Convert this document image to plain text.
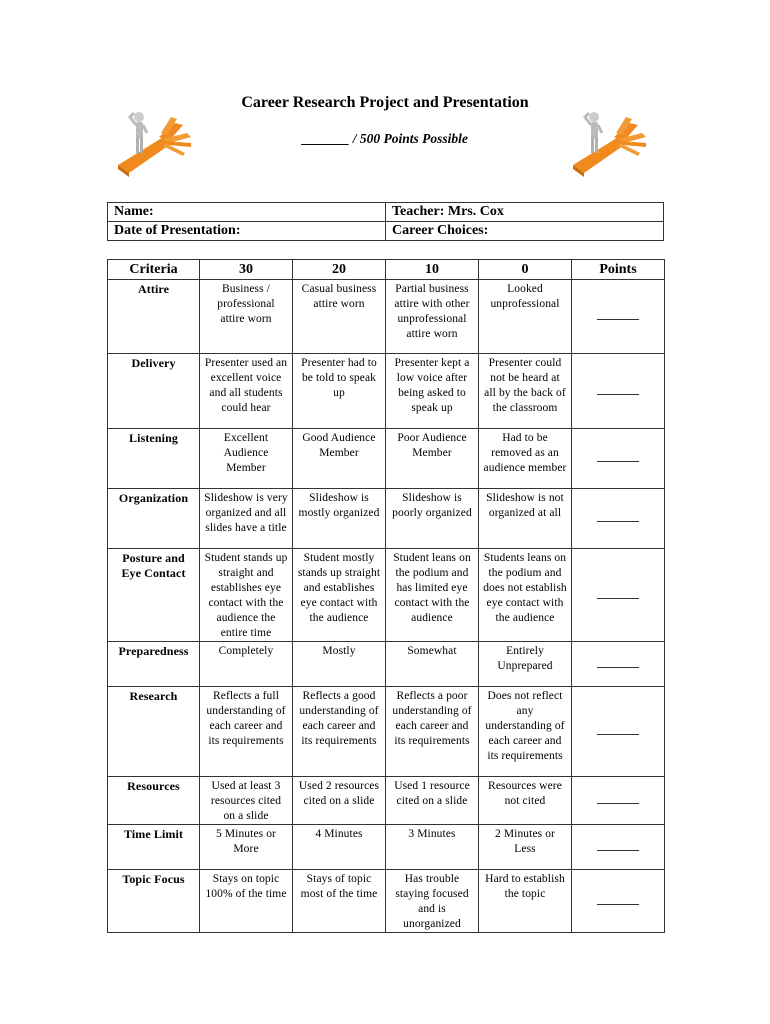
Career Research Project and Presentation
_______ / 500 Points Possible
Name:	Teacher: Mrs. Cox
Date of Presentation:	Career Choices:
Criteria	30	20	10	0	Points
Attire	Business / professional attire worn	Casual business attire worn	Partial business attire with other unprofessional attire worn	Looked unprofessional	
Delivery	Presenter used an excellent voice and all students could hear	Presenter had to be told to speak up	Presenter kept a low voice after being asked to speak up	Presenter could not be heard at all by the back of the classroom	
Listening	Excellent Audience Member	Good Audience Member	Poor Audience Member	Had to be removed as an audience member	
Organization	Slideshow is very organized and all slides have a title	Slideshow is mostly organized	Slideshow is poorly organized	Slideshow is not organized at all	
Posture and Eye Contact	Student stands up straight and establishes eye contact with the audience the entire time	Student mostly stands up straight and establishes eye contact with the audience	Student leans on the podium and has limited eye contact with the audience	Students leans on the podium and does not establish eye contact with the audience	
Preparedness	Completely	Mostly	Somewhat	Entirely Unprepared	
Research	Reflects a full understanding of each career and its requirements	Reflects a good understanding of each career and its requirements	Reflects a poor understanding of each career and its requirements	Does not reflect any understanding of each career and its requirements	
Resources	Used at least 3 resources cited on a slide	Used 2 resources cited on a slide	Used 1 resource cited on a slide	Resources were not cited	
Time Limit	5 Minutes or More	4 Minutes	3 Minutes	2 Minutes or Less	
Topic Focus	Stays on topic 100% of the time	Stays of topic most of the time	Has trouble staying focused and is unorganized	Hard to establish the topic	
